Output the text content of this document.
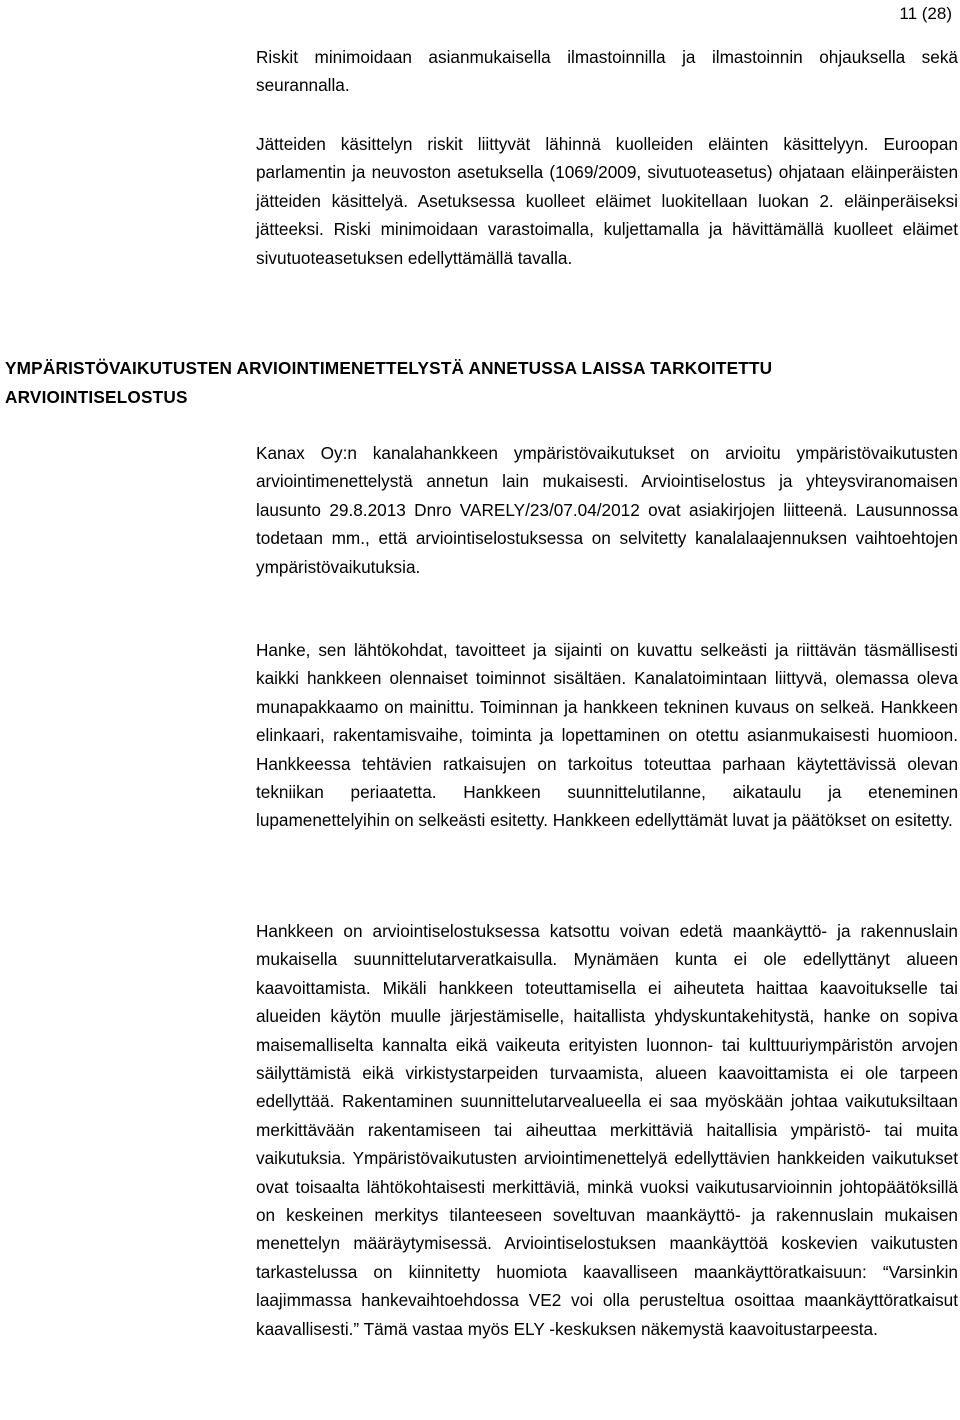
11 (28)

Riskit minimoidaan asianmukaisella ilmastoinnilla ja ilmastoinnin ohjauksella sekä seurannalla.

Jätteiden käsittelyn riskit liittyvät lähinnä kuolleiden eläinten käsittelyyn. Euroopan parlamentin ja neuvoston asetuksella (1069/2009, sivutuoteasetus) ohjataan eläinperäisten jätteiden käsittelyä. Asetuksessa kuolleet eläimet luokitellaan luokan 2. eläinperäiseksi jätteeksi. Riski minimoidaan varastoimalla, kuljettamalla ja hävittämällä kuolleet eläimet sivutuoteasetuksen edellyttämällä tavalla.

YMPÄRISTÖVAIKUTUSTEN ARVIOINTIMENETTELYSTÄ ANNETUSSA LAISSA TARKOITETTU ARVIOINTISELOSTUS

Kanax Oy:n kanalahankkeen ympäristövaikutukset on arvioitu ympäristövaikutusten arviointimenettelystä annetun lain mukaisesti. Arviointiselostus ja yhteysviranomaisen lausunto 29.8.2013 Dnro VARELY/23/07.04/2012 ovat asiakirjojen liitteenä. Lausunnossa todetaan mm., että arviointiselostuksessa on selvitetty kanalalaajennuksen vaihtoehtojen ympäristövaikutuksia.

Hanke, sen lähtökohdat, tavoitteet ja sijainti on kuvattu selkeästi ja riittävän täsmällisesti kaikki hankkeen olennaiset toiminnot sisältäen. Kanalatoimintaan liittyvä, olemassa oleva munapakkaamo on mainittu. Toiminnan ja hankkeen tekninen kuvaus on selkeä. Hankkeen elinkaari, rakentamisvaihe, toiminta ja lopettaminen on otettu asianmukaisesti huomioon. Hankkeessa tehtävien ratkaisujen on tarkoitus toteuttaa parhaan käytettävissä olevan tekniikan periaatetta. Hankkeen suunnittelutilanne, aikataulu ja eteneminen lupamenettelyihin on selkeästi esitetty. Hankkeen edellyttämät luvat ja päätökset on esitetty.

Hankkeen on arviointiselostuksessa katsottu voivan edetä maankäyttö- ja rakennuslain mukaisella suunnittelutarveratkaisulla. Mynämäen kunta ei ole edellyttänyt alueen kaavoittamista. Mikäli hankkeen toteuttamisella ei aiheuteta haittaa kaavoitukselle tai alueiden käytön muulle järjestämiselle, haitallista yhdyskuntakehitystä, hanke on sopiva maisemalliselta kannalta eikä vaikeuta erityisten luonnon- tai kulttuuriympäristön arvojen säilyttämistä eikä virkistystarpeiden turvaamista, alueen kaavoittamista ei ole tarpeen edellyttää. Rakentaminen suunnittelutarvealueella ei saa myöskään johtaa vaikutuksiltaan merkittävään rakentamiseen tai aiheuttaa merkittäviä haitallisia ympäristö- tai muita vaikutuksia. Ympäristövaikutusten arviointimenettelyä edellyttävien hankkeiden vaikutukset ovat toisaalta lähtökohtaisesti merkittäviä, minkä vuoksi vaikutusarvioinnin johtopäätöksillä on keskeinen merkitys tilanteeseen soveltuvan maankäyttö- ja rakennuslain mukaisen menettelyn määräytymisessä. Arviointiselostuksen maankäyttöä koskevien vaikutusten tarkastelussa on kiinnitetty huomiota kaavalliseen maankäyttöratkaisuun: “Varsinkin laajimmassa hankevaihtoehdossa VE2 voi olla perusteltua osoittaa maankäyttöratkaisut kaavallisesti.” Tämä vastaa myös ELY -keskuksen näkemystä kaavoitustarpeesta.
